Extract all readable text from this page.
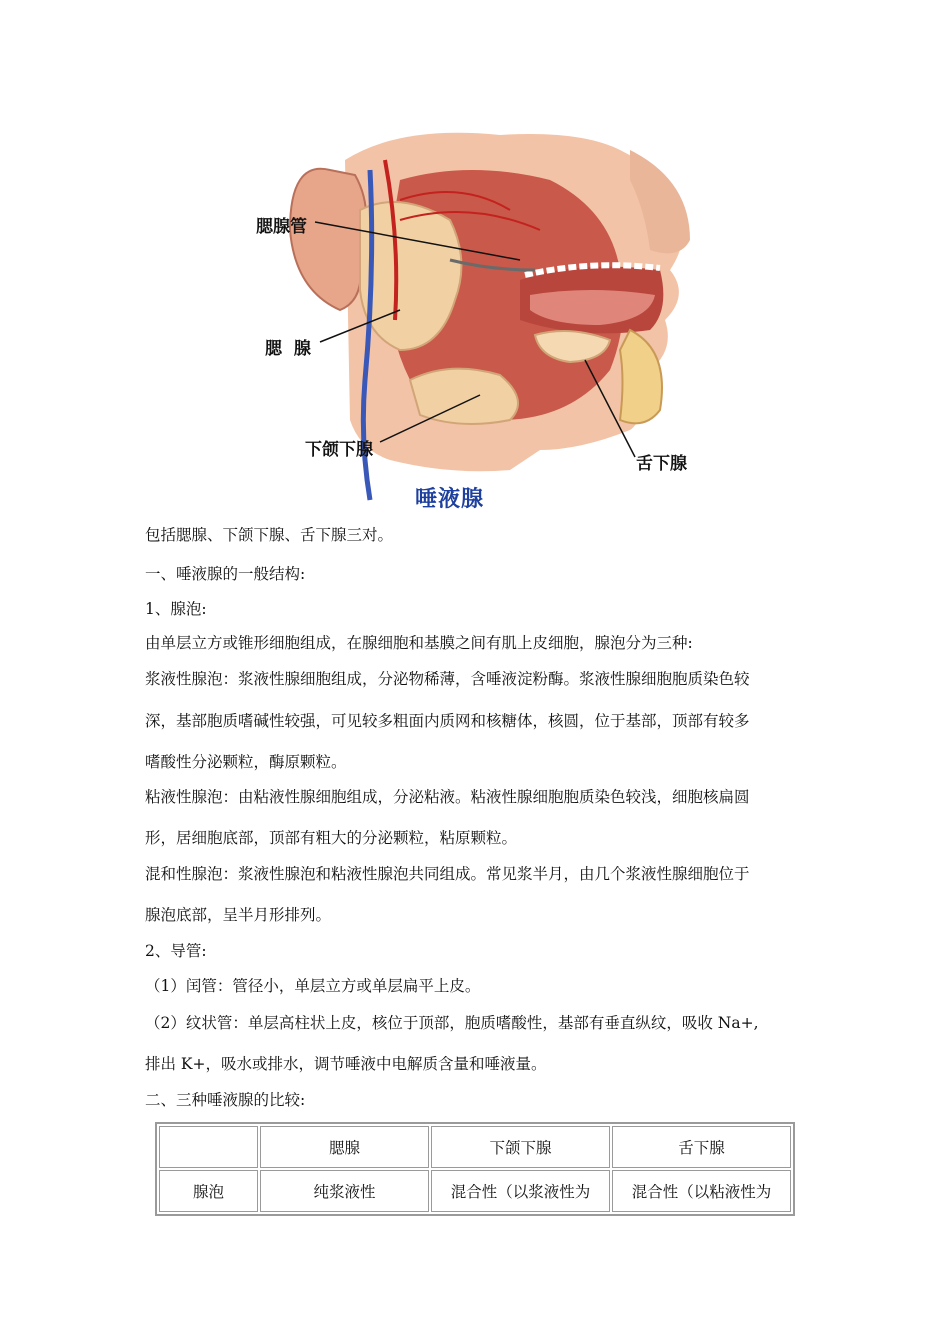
腮腺管
腮  腺
下颌下腺
舌下腺
唾液腺
包括腮腺、下颌下腺、舌下腺三对。
一、唾液腺的一般结构:
1、腺泡:
由单层立方或锥形细胞组成，在腺细胞和基膜之间有肌上皮细胞，腺泡分为三种:
浆液性腺泡：浆液性腺细胞组成，分泌物稀薄，含唾液淀粉酶。浆液性腺细胞胞质染色较
深，基部胞质嗜碱性较强，可见较多粗面内质网和核糖体，核圆，位于基部，顶部有较多
嗜酸性分泌颗粒，酶原颗粒。
粘液性腺泡：由粘液性腺细胞组成，分泌粘液。粘液性腺细胞胞质染色较浅，细胞核扁圆
形，居细胞底部，顶部有粗大的分泌颗粒，粘原颗粒。
混和性腺泡：浆液性腺泡和粘液性腺泡共同组成。常见浆半月，由几个浆液性腺细胞位于
腺泡底部，呈半月形排列。
2、导管:
（1）闰管：管径小，单层立方或单层扁平上皮。
（2）纹状管：单层高柱状上皮，核位于顶部，胞质嗜酸性，基部有垂直纵纹，吸收 Na+,
排出 K+，吸水或排水，调节唾液中电解质含量和唾液量。
二、三种唾液腺的比较:
	腮腺	下颌下腺	舌下腺
腺泡	纯浆液性	混合性（以浆液性为	混合性（以粘液性为
